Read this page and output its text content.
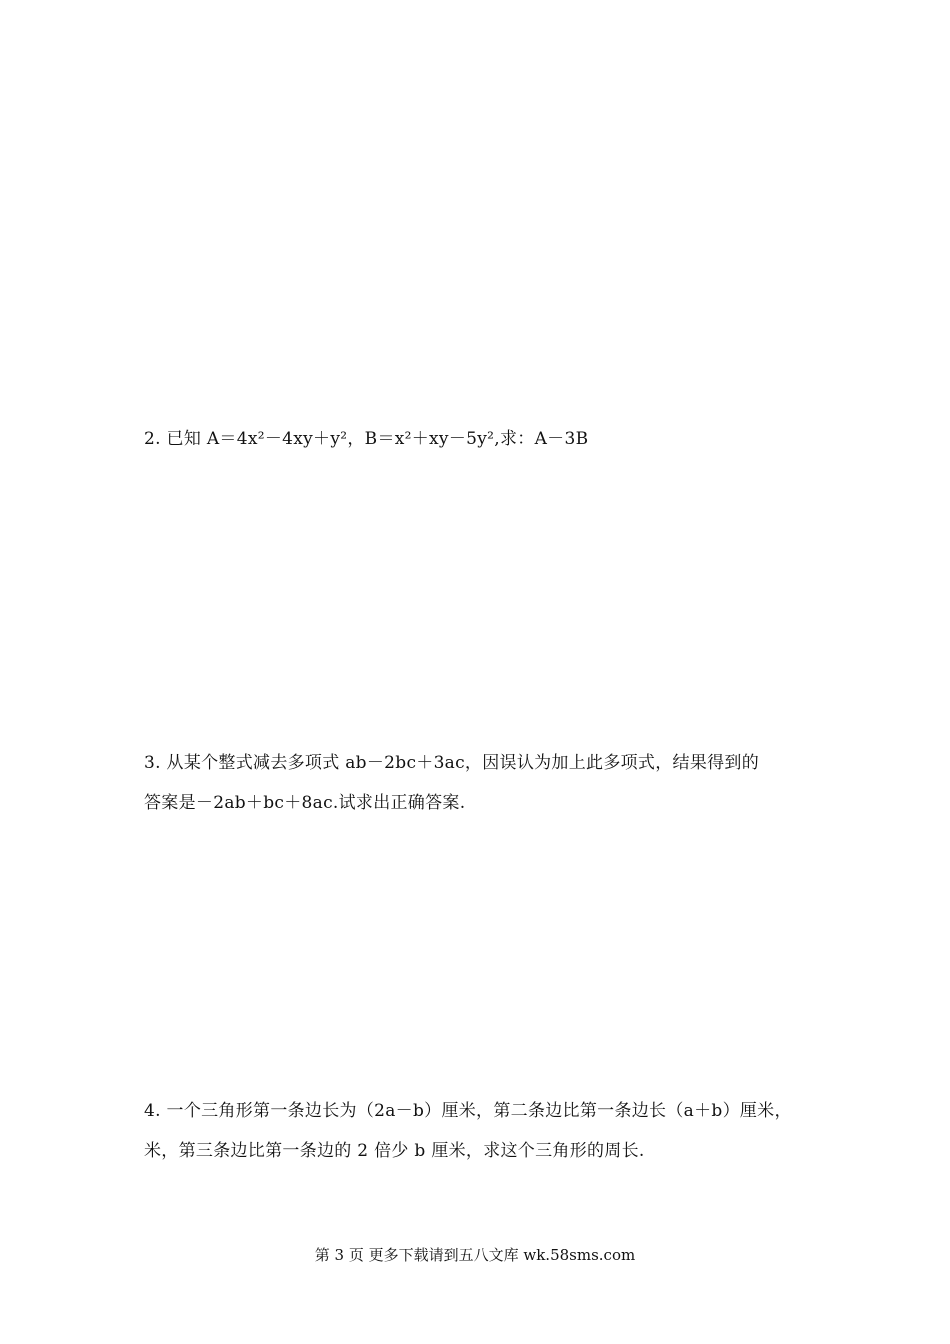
2. 已知 A＝4x²－4xy＋y²，B＝x²＋xy－5y²,求：A－3B
3. 从某个整式减去多项式 ab－2bc＋3ac，因误认为加上此多项式，结果得到的
答案是－2ab＋bc＋8ac.试求出正确答案.
4. 一个三角形第一条边长为（2a－b）厘米，第二条边比第一条边长（a＋b）厘米，
米，第三条边比第一条边的 2 倍少 b 厘米，求这个三角形的周长.
第 3 页 更多下载请到五八文库 wk.58sms.com
